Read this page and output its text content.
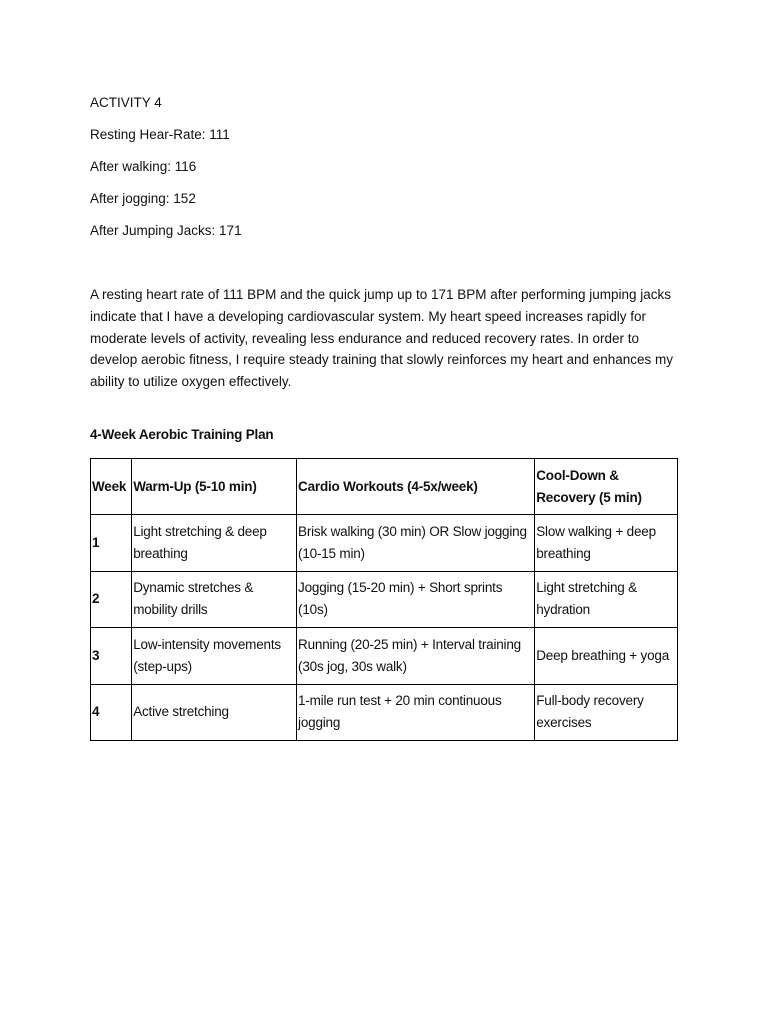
ACTIVITY 4
Resting Hear-Rate: 111
After walking: 116
After jogging: 152
After Jumping Jacks: 171

A resting heart rate of 111 BPM and the quick jump up to 171 BPM after performing jumping jacks indicate that I have a developing cardiovascular system. My heart speed increases rapidly for moderate levels of activity, revealing less endurance and reduced recovery rates. In order to develop aerobic fitness, I require steady training that slowly reinforces my heart and enhances my ability to utilize oxygen effectively.

4-Week Aerobic Training Plan
Week	Warm-Up (5-10 min)	Cardio Workouts (4-5x/week)	Cool-Down & Recovery (5 min)
1	Light stretching & deep breathing	Brisk walking (30 min) OR Slow jogging (10-15 min)	Slow walking + deep breathing
2	Dynamic stretches & mobility drills	Jogging (15-20 min) + Short sprints (10s)	Light stretching & hydration
3	Low-intensity movements (step-ups)	Running (20-25 min) + Interval training (30s jog, 30s walk)	Deep breathing + yoga
4	Active stretching	1-mile run test + 20 min continuous jogging	Full-body recovery exercises
